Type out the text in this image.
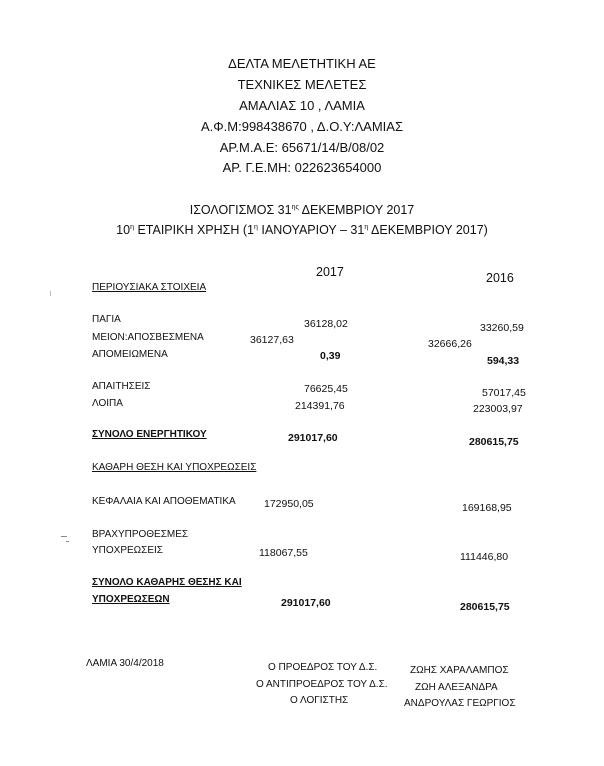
ΔΕΛΤΑ ΜΕΛΕΤΗΤΙΚΗ ΑΕ
ΤΕΧΝΙΚΕΣ ΜΕΛΕΤΕΣ
ΑΜΑΛΙΑΣ 10 , ΛΑΜΙΑ
Α.Φ.Μ:998438670 , Δ.Ο.Υ:ΛΑΜΙΑΣ
ΑΡ.Μ.Α.Ε: 65671/14/Β/08/02
ΑΡ. Γ.Ε.ΜΗ: 022623654000
ΙΣΟΛΟΓΙΣΜΟΣ $31^{\eta\varsigma}$ ΔΕΚΕΜΒΡΙΟΥ 2017
$10^\eta$ ΕΤΑΙΡΙΚΗ ΧΡΗΣΗ ($1^\eta$ ΙΑΝΟΥΑΡΙΟΥ – $31^\eta$ ΔΕΚΕΜΒΡΙΟΥ 2017)
2017	2016
ΠΕΡΙΟΥΣΙΑΚΑ ΣΤΟΙΧΕΙΑ
ΠΑΓΙΑ	36128,02	33260,59
ΜΕΙΟΝ:ΑΠΟΣΒΕΣΜΕΝΑ	36127,63	32666,26
ΑΠΟΜΕΙΩΜΕΝΑ	0,39	594,33
ΑΠΑΙΤΗΣΕΙΣ	76625,45	57017,45
ΛΟΙΠΑ	214391,76	223003,97
ΣΥΝΟΛΟ ΕΝΕΡΓΗΤΙΚΟΥ	291017,60	280615,75
ΚΑΘΑΡΗ ΘΕΣΗ ΚΑΙ ΥΠΟΧΡΕΩΣΕΙΣ
ΚΕΦΑΛΑΙΑ ΚΑΙ ΑΠΟΘΕΜΑΤΙΚΑ	172950,05	169168,95
ΒΡΑΧΥΠΡΟΘΕΣΜΕΣ
ΥΠΟΧΡΕΩΣΕΙΣ	118067,55	111446,80
ΣΥΝΟΛΟ ΚΑΘΑΡΗΣ ΘΕΣΗΣ ΚΑΙ
ΥΠΟΧΡΕΩΣΕΩΝ	291017,60	280615,75
ΛΑΜΙΑ 30/4/2018	Ο ΠΡΟΕΔΡΟΣ ΤΟΥ Δ.Σ.
Ο ΑΝΤΙΠΡΟΕΔΡΟΣ ΤΟΥ Δ.Σ.
Ο ΛΟΓΙΣΤΗΣ
ΖΩΗΣ ΧΑΡΑΛΑΜΠΟΣ
ΖΩΗ ΑΛΕΞΑΝΔΡΑ
ΑΝΔΡΟΥΛΑΣ ΓΕΩΡΓΙΟΣ
